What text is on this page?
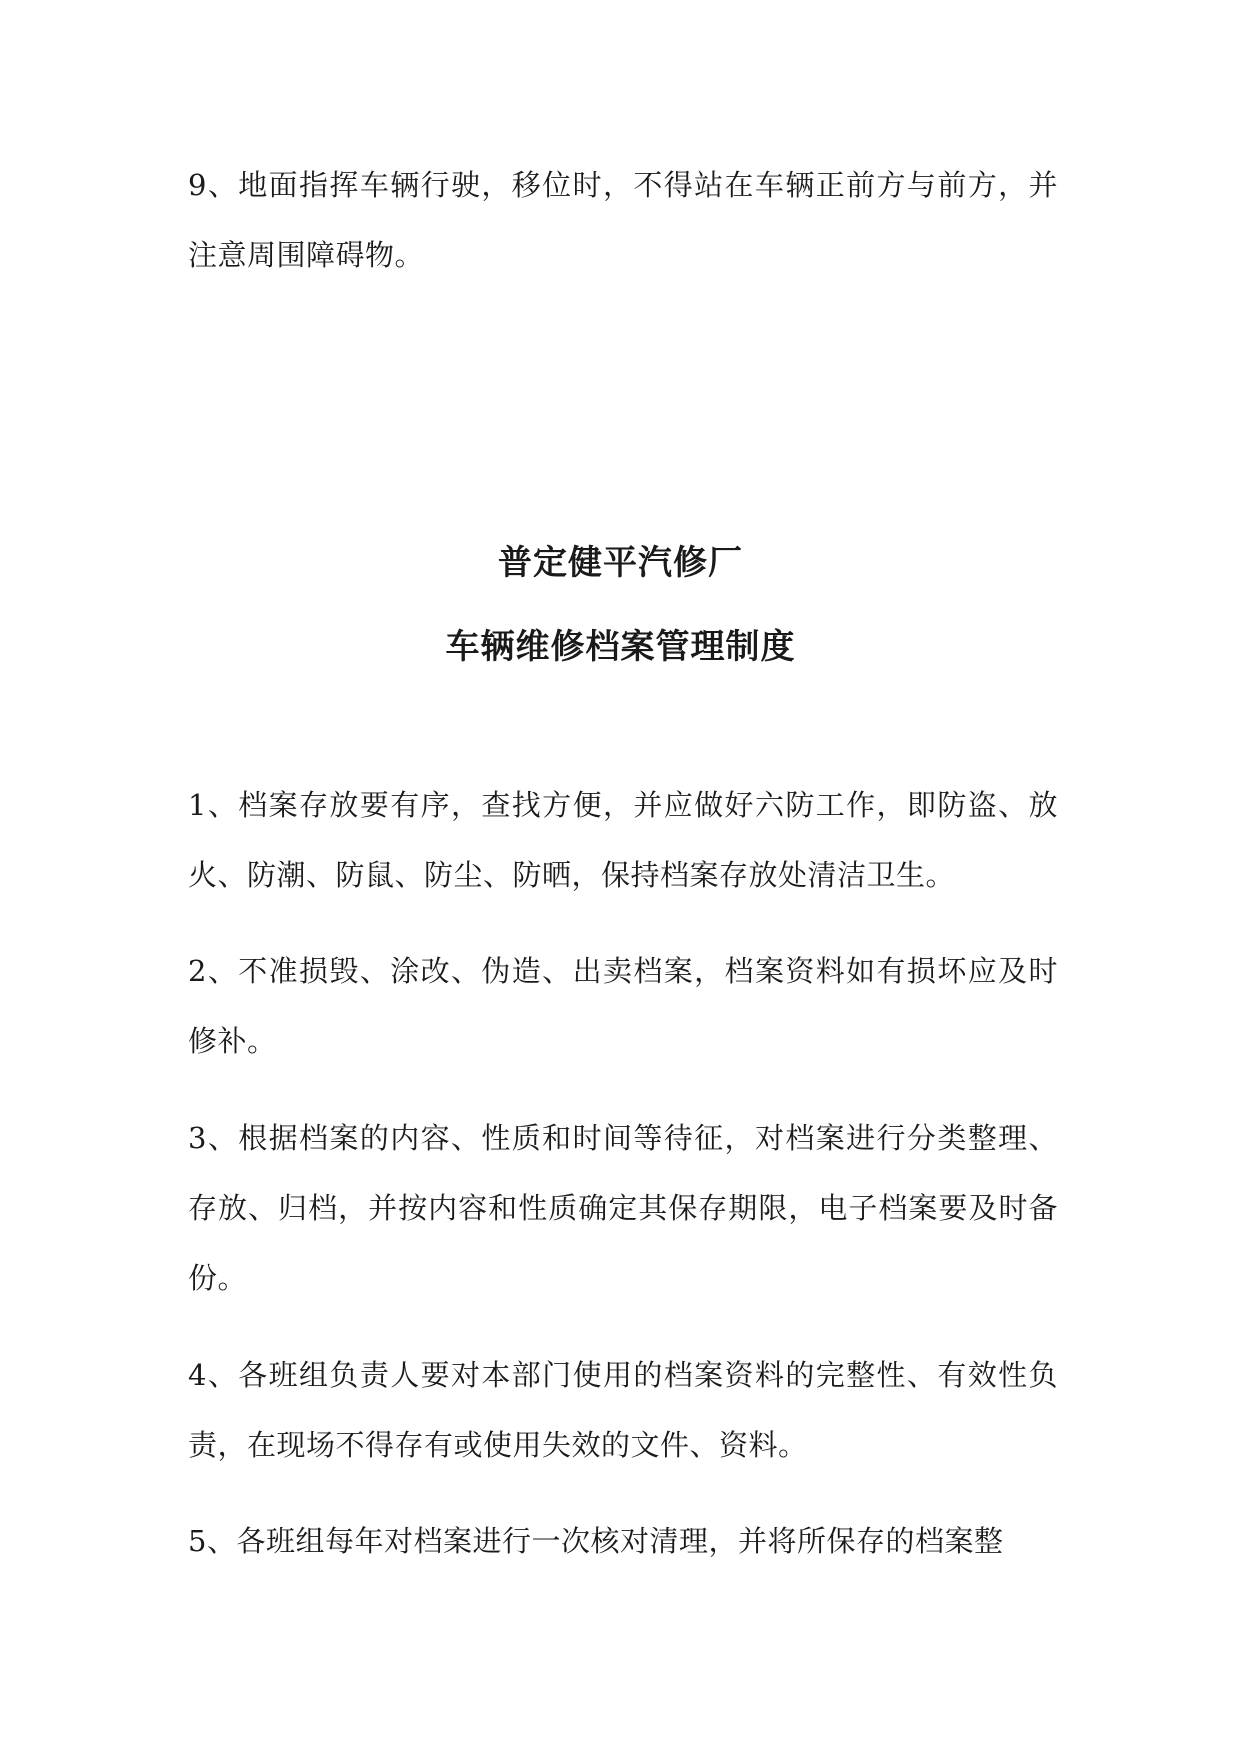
9、地面指挥车辆行驶，移位时，不得站在车辆正前方与前方，并注意周围障碍物。

普定健平汽修厂
车辆维修档案管理制度

1、档案存放要有序，查找方便，并应做好六防工作，即防盗、放火、防潮、防鼠、防尘、防晒，保持档案存放处清洁卫生。

2、不准损毁、涂改、伪造、出卖档案，档案资料如有损坏应及时修补。

3、根据档案的内容、性质和时间等待征，对档案进行分类整理、存放、归档，并按内容和性质确定其保存期限，电子档案要及时备份。

4、各班组负责人要对本部门使用的档案资料的完整性、有效性负责，在现场不得存有或使用失效的文件、资料。

5、各班组每年对档案进行一次核对清理，并将所保存的档案整
